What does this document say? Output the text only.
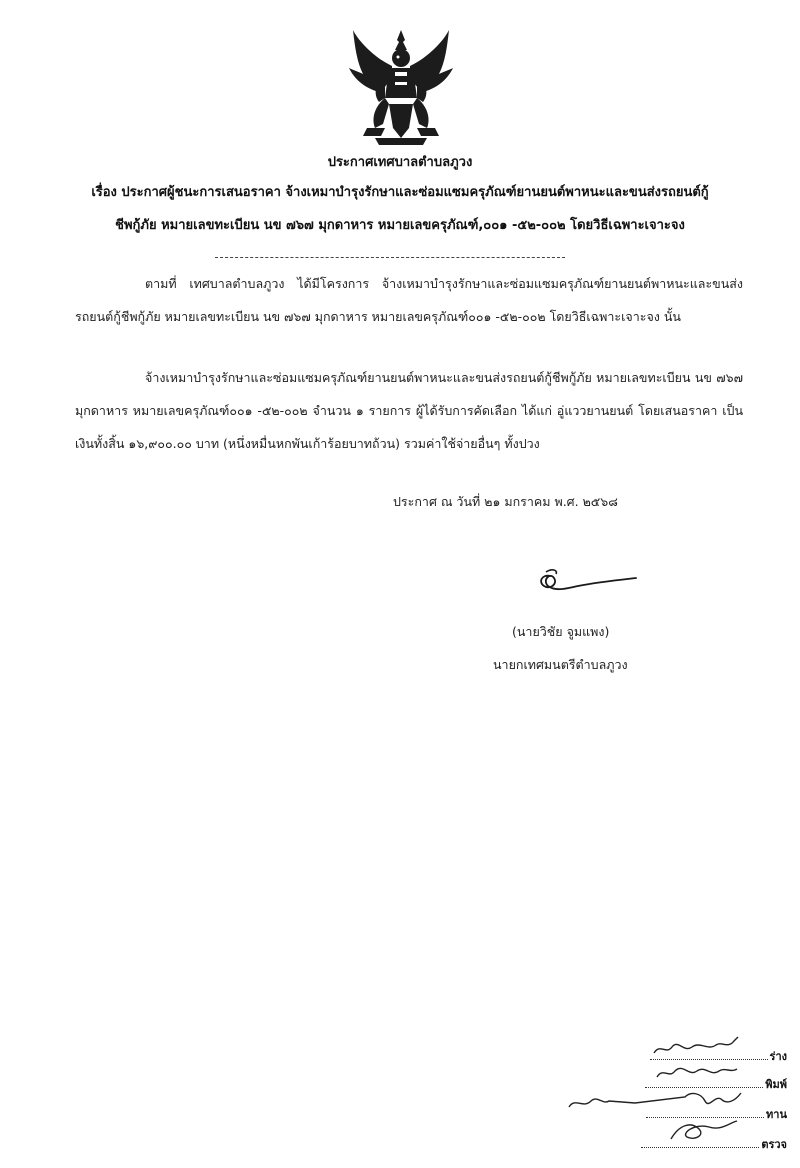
ประกาศเทศบาลตำบลภูวง
เรื่อง ประกาศผู้ชนะการเสนอราคา จ้างเหมาบำรุงรักษาและซ่อมแซมครุภัณฑ์ยานยนต์พาหนะและขนส่งรถยนต์กู้
ชีพกู้ภัย หมายเลขทะเบียน นข ๗๖๗ มุกดาหาร หมายเลขครุภัณฑ์,๐๐๑ -๕๒-๐๐๒ โดยวิธีเฉพาะเจาะจง
ตามที่ เทศบาลตำบลภูวง ได้มีโครงการ จ้างเหมาบำรุงรักษาและซ่อมแซมครุภัณฑ์ยานยนต์พาหนะและขนส่งรถยนต์กู้ชีพกู้ภัย หมายเลขทะเบียน นข ๗๖๗ มุกดาหาร หมายเลขครุภัณฑ์๐๐๑ -๕๒-๐๐๒ โดยวิธีเฉพาะเจาะจง นั้น
จ้างเหมาบำรุงรักษาและซ่อมแซมครุภัณฑ์ยานยนต์พาหนะและขนส่งรถยนต์กู้ชีพกู้ภัย หมายเลขทะเบียน นข ๗๖๗ มุกดาหาร หมายเลขครุภัณฑ์๐๐๑ -๕๒-๐๐๒ จำนวน ๑ รายการ ผู้ได้รับการคัดเลือก ได้แก่ อู่แววยานยนต์ โดยเสนอราคา เป็นเงินทั้งสิ้น ๑๖,๙๐๐.๐๐ บาท (หนึ่งหมื่นหกพันเก้าร้อยบาทถ้วน) รวมค่าใช้จ่ายอื่นๆ ทั้งปวง
ประกาศ ณ วันที่ ๒๑ มกราคม พ.ศ. ๒๕๖๘
(นายวิชัย จูมแพง)
นายกเทศมนตรีตำบลภูวง
ร่าง
พิมพ์
ทาน
ตรวจ
